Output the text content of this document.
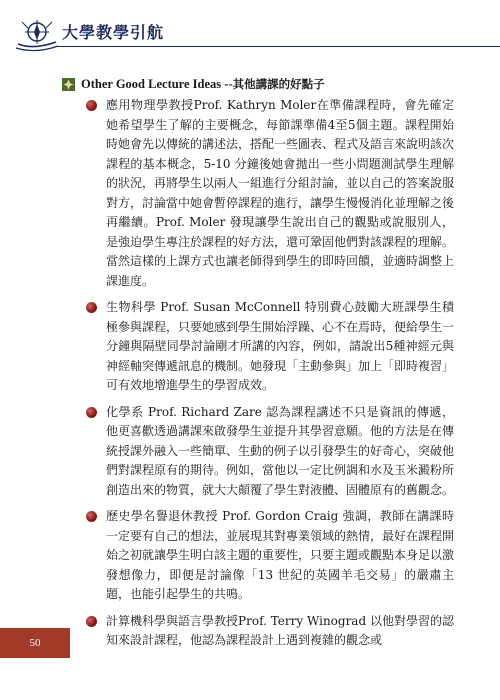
大學教學引航
Other Good Lecture Ideas -- 其他講課的好點子
應用物理學教授Prof. Kathryn Moler在準備課程時，會先確定她希望學生了解的主要概念，每節課準備4至5個主題。課程開始時她會先以傳統的講述法，搭配一些圖表、程式及語言來說明該次課程的基本概念，5-10 分鐘後她會拋出一些小問題測試學生理解的狀況，再將學生以兩人一組進行分組討論，並以自己的答案說服對方，討論當中她會暫停課程的進行，讓學生慢慢消化並理解之後再繼續。Prof. Moler 發現讓學生說出自己的觀點或說服別人，是強迫學生專注於課程的好方法，還可鞏固他們對該課程的理解。當然這樣的上課方式也讓老師得到學生的即時回饋，並適時調整上課進度。
生物科學 Prof. Susan McConnell 特別費心鼓勵大班課學生積極參與課程，只要她感到學生開始浮躁、心不在焉時，便給學生一分鐘與隔壁同學討論剛才所講的內容，例如，請說出5種神經元與神經軸突傳遞訊息的機制。她發現「主動參與」加上「即時複習」可有效地增進學生的學習成效。
化學系 Prof. Richard Zare 認為課程講述不只是資訊的傳遞，他更喜歡透過講課來啟發學生並提升其學習意願。他的方法是在傳統授課外融入一些簡單、生動的例子以引發學生的好奇心，突破他們對課程原有的期待。例如，當他以一定比例調和水及玉米澱粉所創造出來的物質，就大大顛覆了學生對液體、固體原有的舊觀念。
歷史學名譽退休教授 Prof. Gordon Craig 強調，教師在講課時一定要有自己的想法，並展現其對專業領域的熱情，最好在課程開始之初就讓學生明白該主題的重要性，只要主題或觀點本身足以激發想像力，即便是討論像「13 世紀的英國羊毛交易」的嚴肅主題，也能引起學生的共鳴。
計算機科學與語言學教授Prof. Terry Winograd 以他對學習的認知來設計課程，他認為課程設計上遇到複雜的觀念或
50
